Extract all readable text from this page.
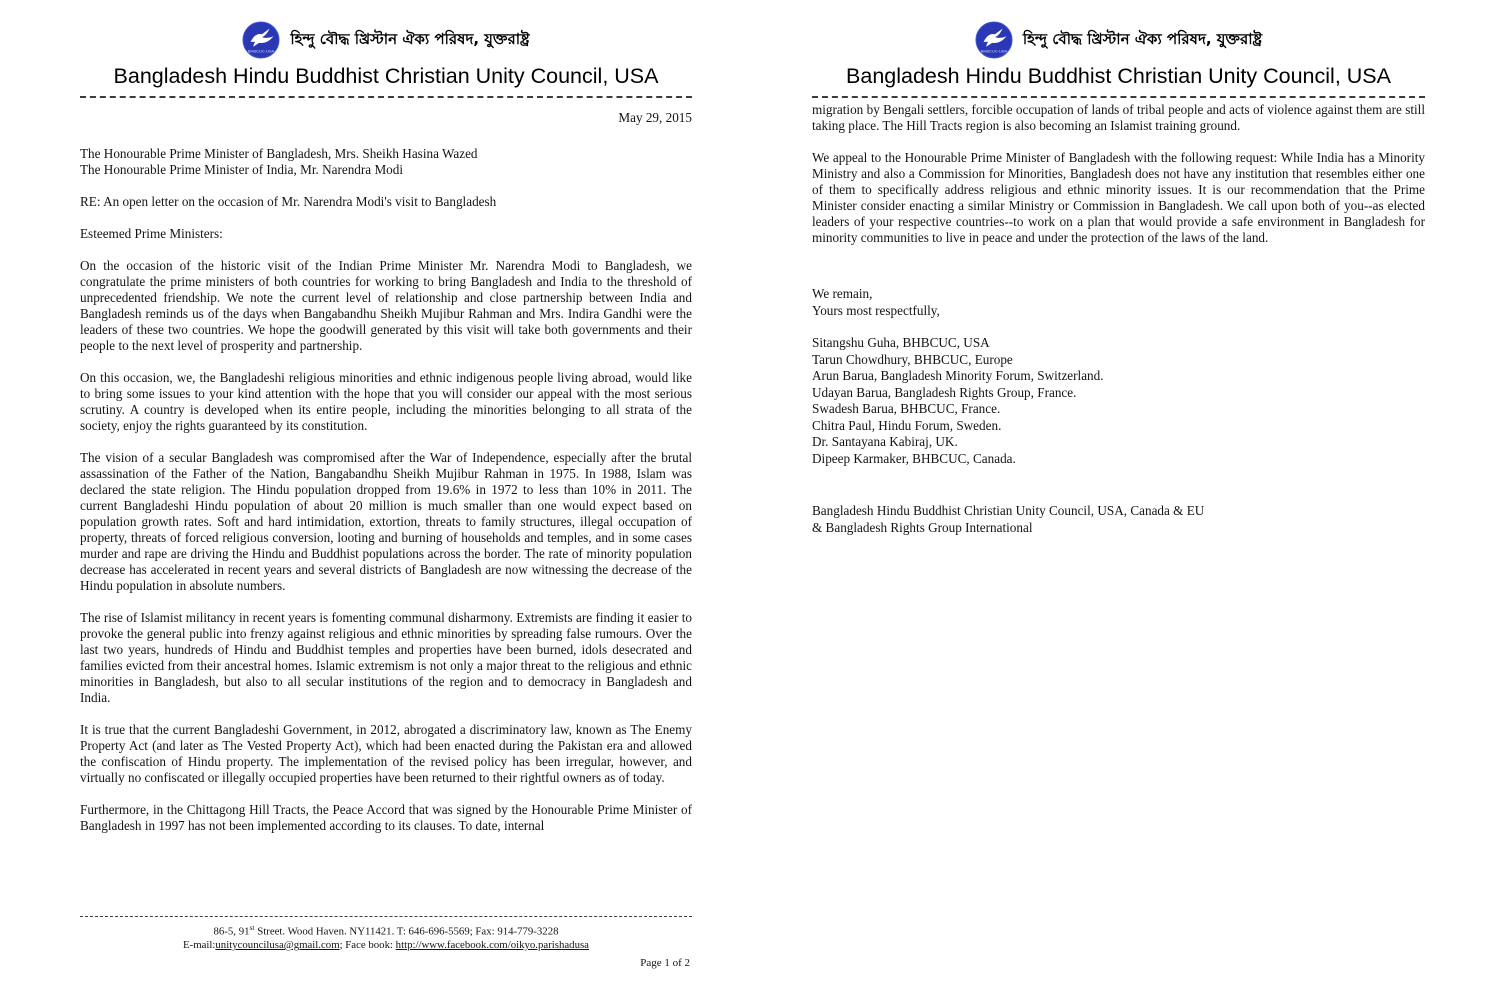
BHBCUC-USA
হিন্দু বৌদ্ধ খ্রিস্টান ঐক্য পরিষদ, যুক্তরাষ্ট্র
Bangladesh Hindu Buddhist Christian Unity Council, USA
May 29, 2015
The Honourable Prime Minister of Bangladesh, Mrs. Sheikh Hasina Wazed
The Honourable Prime Minister of India, Mr. Narendra Modi
RE: An open letter on the occasion of Mr. Narendra Modi's visit to Bangladesh
Esteemed Prime Ministers:

On the occasion of the historic visit of the Indian Prime Minister Mr. Narendra Modi to Bangladesh, we congratulate the prime ministers of both countries for working to bring Bangladesh and India to the threshold of unprecedented friendship. We note the current level of relationship and close partnership between India and Bangladesh reminds us of the days when Bangabandhu Sheikh Mujibur Rahman and Mrs. Indira Gandhi were the leaders of these two countries. We hope the goodwill generated by this visit will take both governments and their people to the next level of prosperity and partnership.

On this occasion, we, the Bangladeshi religious minorities and ethnic indigenous people living abroad, would like to bring some issues to your kind attention with the hope that you will consider our appeal with the most serious scrutiny. A country is developed when its entire people, including the minorities belonging to all strata of the society, enjoy the rights guaranteed by its constitution.

The vision of a secular Bangladesh was compromised after the War of Independence, especially after the brutal assassination of the Father of the Nation, Bangabandhu Sheikh Mujibur Rahman in 1975. In 1988, Islam was declared the state religion. The Hindu population dropped from 19.6% in 1972 to less than 10% in 2011. The current Bangladeshi Hindu population of about 20 million is much smaller than one would expect based on population growth rates. Soft and hard intimidation, extortion, threats to family structures, illegal occupation of property, threats of forced religious conversion, looting and burning of households and temples, and in some cases murder and rape are driving the Hindu and Buddhist populations across the border. The rate of minority population decrease has accelerated in recent years and several districts of Bangladesh are now witnessing the decrease of the Hindu population in absolute numbers.

The rise of Islamist militancy in recent years is fomenting communal disharmony. Extremists are finding it easier to provoke the general public into frenzy against religious and ethnic minorities by spreading false rumours. Over the last two years, hundreds of Hindu and Buddhist temples and properties have been burned, idols desecrated and families evicted from their ancestral homes. Islamic extremism is not only a major threat to the religious and ethnic minorities in Bangladesh, but also to all secular institutions of the region and to democracy in Bangladesh and India.

It is true that the current Bangladeshi Government, in 2012, abrogated a discriminatory law, known as The Enemy Property Act (and later as The Vested Property Act), which had been enacted during the Pakistan era and allowed the confiscation of Hindu property. The implementation of the revised policy has been irregular, however, and virtually no confiscated or illegally occupied properties have been returned to their rightful owners as of today.

Furthermore, in the Chittagong Hill Tracts, the Peace Accord that was signed by the Honourable Prime Minister of Bangladesh in 1997 has not been implemented according to its clauses. To date, internal

86-5, 91st Street. Wood Haven. NY11421. T: 646-696-5569; Fax: 914-779-3228
E-mail:unitycouncilusa@gmail.com; Face book: http://www.facebook.com/oikyo.parishadusa
Page 1 of 2
BHBCUC-USA
হিন্দু বৌদ্ধ খ্রিস্টান ঐক্য পরিষদ, যুক্তরাষ্ট্র
Bangladesh Hindu Buddhist Christian Unity Council, USA

migration by Bengali settlers, forcible occupation of lands of tribal people and acts of violence against them are still taking place. The Hill Tracts region is also becoming an Islamist training ground.

We appeal to the Honourable Prime Minister of Bangladesh with the following request: While India has a Minority Ministry and also a Commission for Minorities, Bangladesh does not have any institution that resembles either one of them to specifically address religious and ethnic minority issues. It is our recommendation that the Prime Minister consider enacting a similar Ministry or Commission in Bangladesh. We call upon both of you--as elected leaders of your respective countries--to work on a plan that would provide a safe environment in Bangladesh for minority communities to live in peace and under the protection of the laws of the land.

We remain,
Yours most respectfully,
Sitangshu Guha, BHBCUC, USA
Tarun Chowdhury, BHBCUC, Europe
Arun Barua, Bangladesh Minority Forum, Switzerland.
Udayan Barua, Bangladesh Rights Group, France.
Swadesh Barua, BHBCUC, France.
Chitra Paul, Hindu Forum, Sweden.
Dr. Santayana Kabiraj, UK.
Dipeep Karmaker, BHBCUC, Canada.
Bangladesh Hindu Buddhist Christian Unity Council, USA, Canada & EU
& Bangladesh Rights Group International
